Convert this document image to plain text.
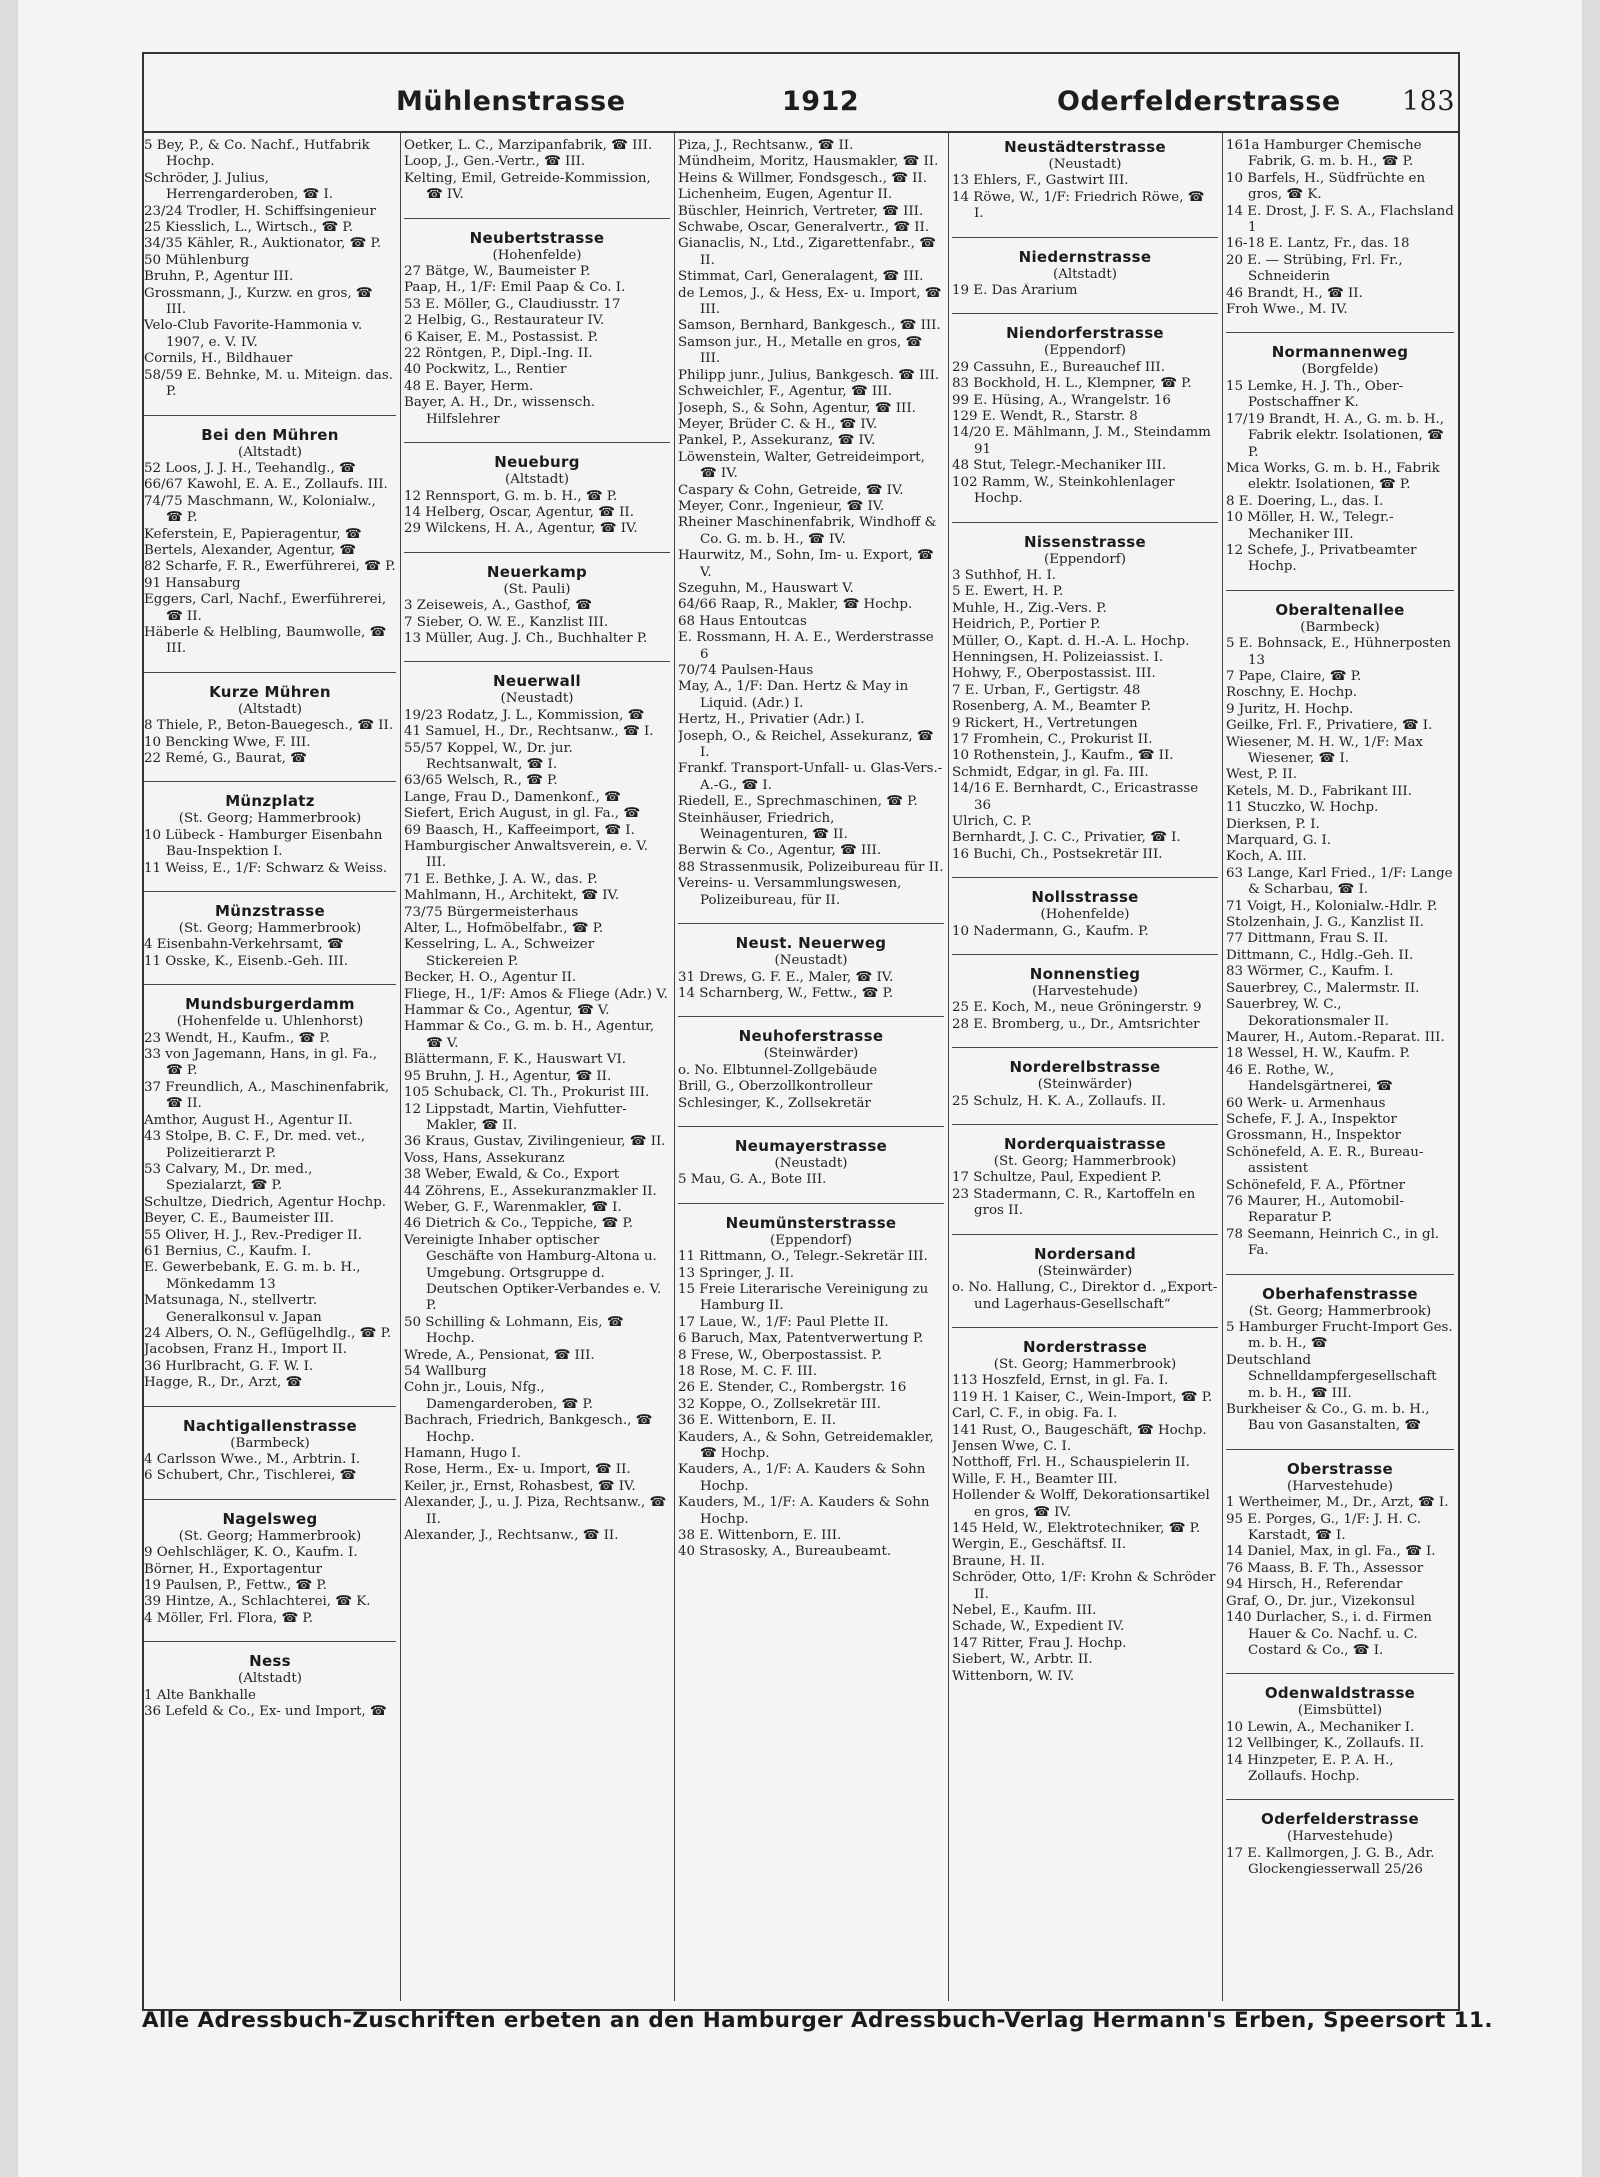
Mühlenstrasse	1912	Oderfelderstrasse 183
5 Bey, P., & Co. Nachf., Hutfabrik Hochp.
Schröder, J. Julius, Herrengarderoben, ☎ I.
23/24 Trodler, H. Schiffsingenieur
25 Kiesslich, L., Wirtsch., ☎ P.
34/35 Kähler, R., Auktionator, ☎ P.
50 Mühlenburg
Bruhn, P., Agentur III.
Grossmann, J., Kurzw. en gros, ☎ III.
Velo-Club Favorite-Hammonia v. 1907, e. V. IV.
Cornils, H., Bildhauer
58/59 E. Behnke, M. u. Miteign. das. P.
Bei den Mühren
(Altstadt)
52 Loos, J. J. H., Teehandlg., ☎
66/67 Kawohl, E. A. E., Zollaufs. III.
74/75 Maschmann, W., Kolonialw., ☎ P.
Keferstein, E, Papieragentur, ☎
Bertels, Alexander, Agentur, ☎
82 Scharfe, F. R., Ewerführerei, ☎ P.
91 Hansaburg
Eggers, Carl, Nachf., Ewerführerei, ☎ II.
Häberle & Helbling, Baumwolle, ☎ III.
Kurze Mühren
(Altstadt)
8 Thiele, P., Beton-Bauegesch., ☎ II.
10 Bencking Wwe, F. III.
22 Remé, G., Baurat, ☎
Münzplatz
(St. Georg; Hammerbrook)
10 Lübeck - Hamburger Eisenbahn Bau-Inspektion I.
11 Weiss, E., 1/F: Schwarz & Weiss.
Münzstrasse
(St. Georg; Hammerbrook)
4 Eisenbahn-Verkehrsamt, ☎
11 Osske, K., Eisenb.-Geh. III.
Mundsburgerdamm
(Hohenfelde u. Uhlenhorst)
23 Wendt, H., Kaufm., ☎ P.
33 von Jagemann, Hans, in gl. Fa., ☎ P.
37 Freundlich, A., Maschinenfabrik, ☎ II.
Amthor, August H., Agentur II.
43 Stolpe, B. C. F., Dr. med. vet., Polizeitierarzt P.
53 Calvary, M., Dr. med., Spezialarzt, ☎ P.
Schultze, Diedrich, Agentur Hochp.
Beyer, C. E., Baumeister III.
55 Oliver, H. J., Rev.-Prediger II.
61 Bernius, C., Kaufm. I.
E. Gewerbebank, E. G. m. b. H., Mönkedamm 13
Matsunaga, N., stellvertr. Generalkonsul v. Japan
24 Albers, O. N., Geflügelhdlg., ☎ P.
Jacobsen, Franz H., Import II.
36 Hurlbracht, G. F. W. I.
Hagge, R., Dr., Arzt, ☎
Nachtigallenstrasse
(Barmbeck)
4 Carlsson Wwe., M., Arbtrin. I.
6 Schubert, Chr., Tischlerei, ☎
Nagelsweg
(St. Georg; Hammerbrook)
9 Oehlschläger, K. O., Kaufm. I.
Börner, H., Exportagentur
19 Paulsen, P., Fettw., ☎ P.
39 Hintze, A., Schlachterei, ☎ K.
4 Möller, Frl. Flora, ☎ P.
Ness
(Altstadt)
1 Alte Bankhalle
36 Lefeld & Co., Ex- und Import, ☎
Oetker, L. C., Marzipanfabrik, ☎ III.
Loop, J., Gen.-Vertr., ☎ III.
Kelting, Emil, Getreide-Kommission, ☎ IV.
Neubertstrasse
(Hohenfelde)
27 Bätge, W., Baumeister P.
Paap, H., 1/F: Emil Paap & Co. I.
53 E. Möller, G., Claudiusstr. 17
2 Helbig, G., Restaurateur IV.
6 Kaiser, E. M., Postassist. P.
22 Röntgen, P., Dipl.-Ing. II.
40 Pockwitz, L., Rentier
48 E. Bayer, Herm.
Bayer, A. H., Dr., wissensch. Hilfslehrer
Neueburg
(Altstadt)
12 Rennsport, G. m. b. H., ☎ P.
14 Helberg, Oscar, Agentur, ☎ II.
29 Wilckens, H. A., Agentur, ☎ IV.
Neuerkamp
(St. Pauli)
3 Zeiseweis, A., Gasthof, ☎
7 Sieber, O. W. E., Kanzlist III.
13 Müller, Aug. J. Ch., Buchhalter P.
Neuerwall
(Neustadt)
19/23 Rodatz, J. L., Kommission, ☎
41 Samuel, H., Dr., Rechtsanw., ☎ I.
55/57 Koppel, W., Dr. jur. Rechtsanwalt, ☎ I.
63/65 Welsch, R., ☎ P.
Lange, Frau D., Damenkonf., ☎
Siefert, Erich August, in gl. Fa., ☎
69 Baasch, H., Kaffeeimport, ☎ I.
Hamburgischer Anwaltsverein, e. V. III.
71 E. Bethke, J. A. W., das. P.
Mahlmann, H., Architekt, ☎ IV.
73/75 Bürgermeisterhaus
Alter, L., Hofmöbelfabr., ☎ P.
Kesselring, L. A., Schweizer Stickereien P.
Becker, H. O., Agentur II.
Fliege, H., 1/F: Amos & Fliege (Adr.) V.
Hammar & Co., Agentur, ☎ V.
Hammar & Co., G. m. b. H., Agentur, ☎ V.
Blättermann, F. K., Hauswart VI.
95 Bruhn, J. H., Agentur, ☎ II.
105 Schuback, Cl. Th., Prokurist III.
12 Lippstadt, Martin, Viehfutter-Makler, ☎ II.
36 Kraus, Gustav, Zivilingenieur, ☎ II.
Voss, Hans, Assekuranz
38 Weber, Ewald, & Co., Export
44 Zöhrens, E., Assekuranzmakler II.
Weber, G. F., Warenmakler, ☎ I.
46 Dietrich & Co., Teppiche, ☎ P.
Vereinigte Inhaber optischer Geschäfte von Hamburg-Altona u. Umgebung. Ortsgruppe d. Deutschen Optiker-Verbandes e. V. P.
50 Schilling & Lohmann, Eis, ☎ Hochp.
Wrede, A., Pensionat, ☎ III.
54 Wallburg
Cohn jr., Louis, Nfg., Damengarderoben, ☎ P.
Bachrach, Friedrich, Bankgesch., ☎ Hochp.
Hamann, Hugo I.
Rose, Herm., Ex- u. Import, ☎ II.
Keiler, jr., Ernst, Rohasbest, ☎ IV.
Alexander, J., u. J. Piza, Rechtsanw., ☎ II.
Alexander, J., Rechtsanw., ☎ II.
Piza, J., Rechtsanw., ☎ II.
Mündheim, Moritz, Hausmakler, ☎ II.
Heins & Willmer, Fondsgesch., ☎ II.
Lichenheim, Eugen, Agentur II.
Büschler, Heinrich, Vertreter, ☎ III.
Schwabe, Oscar, Generalvertr., ☎ II.
Gianaclis, N., Ltd., Zigarettenfabr., ☎ II.
Stimmat, Carl, Generalagent, ☎ III.
de Lemos, J., & Hess, Ex- u. Import, ☎ III.
Samson, Bernhard, Bankgesch., ☎ III.
Samson jur., H., Metalle en gros, ☎ III.
Philipp junr., Julius, Bankgesch. ☎ III.
Schweichler, F., Agentur, ☎ III.
Joseph, S., & Sohn, Agentur, ☎ III.
Meyer, Brüder C. & H., ☎ IV.
Pankel, P., Assekuranz, ☎ IV.
Löwenstein, Walter, Getreideimport, ☎ IV.
Caspary & Cohn, Getreide, ☎ IV.
Meyer, Conr., Ingenieur, ☎ IV.
Rheiner Maschinenfabrik, Windhoff & Co. G. m. b. H., ☎ IV.
Haurwitz, M., Sohn, Im- u. Export, ☎ V.
Szeguhn, M., Hauswart V.
64/66 Raap, R., Makler, ☎ Hochp.
68 Haus Entoutcas
E. Rossmann, H. A. E., Werderstrasse 6
70/74 Paulsen-Haus
May, A., 1/F: Dan. Hertz & May in Liquid. (Adr.) I.
Hertz, H., Privatier (Adr.) I.
Joseph, O., & Reichel, Assekuranz, ☎ I.
Frankf. Transport-Unfall- u. Glas-Vers.-A.-G., ☎ I.
Riedell, E., Sprechmaschinen, ☎ P.
Steinhäuser, Friedrich, Weinagenturen, ☎ II.
Berwin & Co., Agentur, ☎ III.
88 Strassenmusik, Polizeibureau für II.
Vereins- u. Versammlungswesen, Polizeibureau, für II.
Neust. Neuerweg
(Neustadt)
31 Drews, G. F. E., Maler, ☎ IV.
14 Scharnberg, W., Fettw., ☎ P.
Neuhoferstrasse
(Steinwärder)
o. No. Elbtunnel-Zollgebäude
Brill, G., Oberzollkontrolleur
Schlesinger, K., Zollsekretär
Neumayerstrasse
(Neustadt)
5 Mau, G. A., Bote III.
Neumünsterstrasse
(Eppendorf)
11 Rittmann, O., Telegr.-Sekretär III.
13 Springer, J. II.
15 Freie Literarische Vereinigung zu Hamburg II.
17 Laue, W., 1/F: Paul Plette II.
6 Baruch, Max, Patentverwertung P.
8 Frese, W., Oberpostassist. P.
18 Rose, M. C. F. III.
26 E. Stender, C., Rombergstr. 16
32 Koppe, O., Zollsekretär III.
36 E. Wittenborn, E. II.
Kauders, A., & Sohn, Getreidemakler, ☎ Hochp.
Kauders, A., 1/F: A. Kauders & Sohn Hochp.
Kauders, M., 1/F: A. Kauders & Sohn Hochp.
38 E. Wittenborn, E. III.
40 Strasosky, A., Bureaubeamt.
Neustädterstrasse
(Neustadt)
13 Ehlers, F., Gastwirt III.
14 Röwe, W., 1/F: Friedrich Röwe, ☎ I.
Niedernstrasse
(Altstadt)
19 E. Das Ärarium
Niendorferstrasse
(Eppendorf)
29 Cassuhn, E., Bureauchef III.
83 Bockhold, H. L., Klempner, ☎ P.
99 E. Hüsing, A., Wrangelstr. 16
129 E. Wendt, R., Starstr. 8
14/20 E. Mählmann, J. M., Steindamm 91
48 Stut, Telegr.-Mechaniker III.
102 Ramm, W., Steinkohlenlager Hochp.
Nissenstrasse
(Eppendorf)
3 Suthhof, H. I.
5 E. Ewert, H. P.
Muhle, H., Zig.-Vers. P.
Heidrich, P., Portier P.
Müller, O., Kapt. d. H.-A. L. Hochp.
Henningsen, H. Polizeiassist. I.
Hohwy, F., Oberpostassist. III.
7 E. Urban, F., Gertigstr. 48
Rosenberg, A. M., Beamter P.
9 Rickert, H., Vertretungen
17 Fromhein, C., Prokurist II.
10 Rothenstein, J., Kaufm., ☎ II.
Schmidt, Edgar, in gl. Fa. III.
14/16 E. Bernhardt, C., Ericastrasse 36
Ulrich, C. P.
Bernhardt, J. C. C., Privatier, ☎ I.
16 Buchi, Ch., Postsekretär III.
Nollsstrasse
(Hohenfelde)
10 Nadermann, G., Kaufm. P.
Nonnenstieg
(Harvestehude)
25 E. Koch, M., neue Gröningerstr. 9
28 E. Bromberg, u., Dr., Amtsrichter
Norderelbstrasse
(Steinwärder)
25 Schulz, H. K. A., Zollaufs. II.
Norderquaistrasse
(St. Georg; Hammerbrook)
17 Schultze, Paul, Expedient P.
23 Stadermann, C. R., Kartoffeln en gros II.
Nordersand
(Steinwärder)
o. No. Hallung, C., Direktor d. „Export- und Lagerhaus-Gesellschaft“
Norderstrasse
(St. Georg; Hammerbrook)
113 Hoszfeld, Ernst, in gl. Fa. I.
119 H. 1 Kaiser, C., Wein-Import, ☎ P.
Carl, C. F., in obig. Fa. I.
141 Rust, O., Baugeschäft, ☎ Hochp.
Jensen Wwe, C. I.
Notthoff, Frl. H., Schauspielerin II.
Wille, F. H., Beamter III.
Hollender & Wolff, Dekorationsartikel en gros, ☎ IV.
145 Held, W., Elektrotechniker, ☎ P.
Wergin, E., Geschäftsf. II.
Braune, H. II.
Schröder, Otto, 1/F: Krohn & Schröder II.
Nebel, E., Kaufm. III.
Schade, W., Expedient IV.
147 Ritter, Frau J. Hochp.
Siebert, W., Arbtr. II.
Wittenborn, W. IV.
161a Hamburger Chemische Fabrik, G. m. b. H., ☎ P.
10 Barfels, H., Südfrüchte en gros, ☎ K.
14 E. Drost, J. F. S. A., Flachsland 1
16-18 E. Lantz, Fr., das. 18
20 E. — Strübing, Frl. Fr., Schneiderin
46 Brandt, H., ☎ II.
Froh Wwe., M. IV.
Normannenweg
(Borgfelde)
15 Lemke, H. J. Th., Ober-Postschaffner K.
17/19 Brandt, H. A., G. m. b. H., Fabrik elektr. Isolationen, ☎ P.
Mica Works, G. m. b. H., Fabrik elektr. Isolationen, ☎ P.
8 E. Doering, L., das. I.
10 Möller, H. W., Telegr.-Mechaniker III.
12 Schefe, J., Privatbeamter Hochp.
Oberaltenallee
(Barmbeck)
5 E. Bohnsack, E., Hühnerposten 13
7 Pape, Claire, ☎ P.
Roschny, E. Hochp.
9 Juritz, H. Hochp.
Geilke, Frl. F., Privatiere, ☎ I.
Wiesener, M. H. W., 1/F: Max Wiesener, ☎ I.
West, P. II.
Ketels, M. D., Fabrikant III.
11 Stuczko, W. Hochp.
Dierksen, P. I.
Marquard, G. I.
Koch, A. III.
63 Lange, Karl Fried., 1/F: Lange & Scharbau, ☎ I.
71 Voigt, H., Kolonialw.-Hdlr. P.
Stolzenhain, J. G., Kanzlist II.
77 Dittmann, Frau S. II.
Dittmann, C., Hdlg.-Geh. II.
83 Wörmer, C., Kaufm. I.
Sauerbrey, C., Malermstr. II.
Sauerbrey, W. C., Dekorationsmaler II.
Maurer, H., Autom.-Reparat. III.
18 Wessel, H. W., Kaufm. P.
46 E. Rothe, W., Handelsgärtnerei, ☎
60 Werk- u. Armenhaus
Schefe, F. J. A., Inspektor
Grossmann, H., Inspektor
Schönefeld, A. E. R., Bureau-assistent
Schönefeld, F. A., Pförtner
76 Maurer, H., Automobil-Reparatur P.
78 Seemann, Heinrich C., in gl. Fa.
Oberhafenstrasse
(St. Georg; Hammerbrook)
5 Hamburger Frucht-Import Ges. m. b. H., ☎
Deutschland Schnelldampfergesellschaft m. b. H., ☎ III.
Burkheiser & Co., G. m. b. H., Bau von Gasanstalten, ☎
Oberstrasse
(Harvestehude)
1 Wertheimer, M., Dr., Arzt, ☎ I.
95 E. Porges, G., 1/F: J. H. C. Karstadt, ☎ I.
14 Daniel, Max, in gl. Fa., ☎ I.
76 Maass, B. F. Th., Assessor
94 Hirsch, H., Referendar
Graf, O., Dr. jur., Vizekonsul
140 Durlacher, S., i. d. Firmen Hauer & Co. Nachf. u. C. Costard & Co., ☎ I.
Odenwaldstrasse
(Eimsbüttel)
10 Lewin, A., Mechaniker I.
12 Vellbinger, K., Zollaufs. II.
14 Hinzpeter, E. P. A. H., Zollaufs. Hochp.
Oderfelderstrasse
(Harvestehude)
17 E. Kallmorgen, J. G. B., Adr. Glockengiesserwall 25/26
Alle Adressbuch-Zuschriften erbeten an den Hamburger Adressbuch-Verlag Hermann's Erben, Speersort 11.
